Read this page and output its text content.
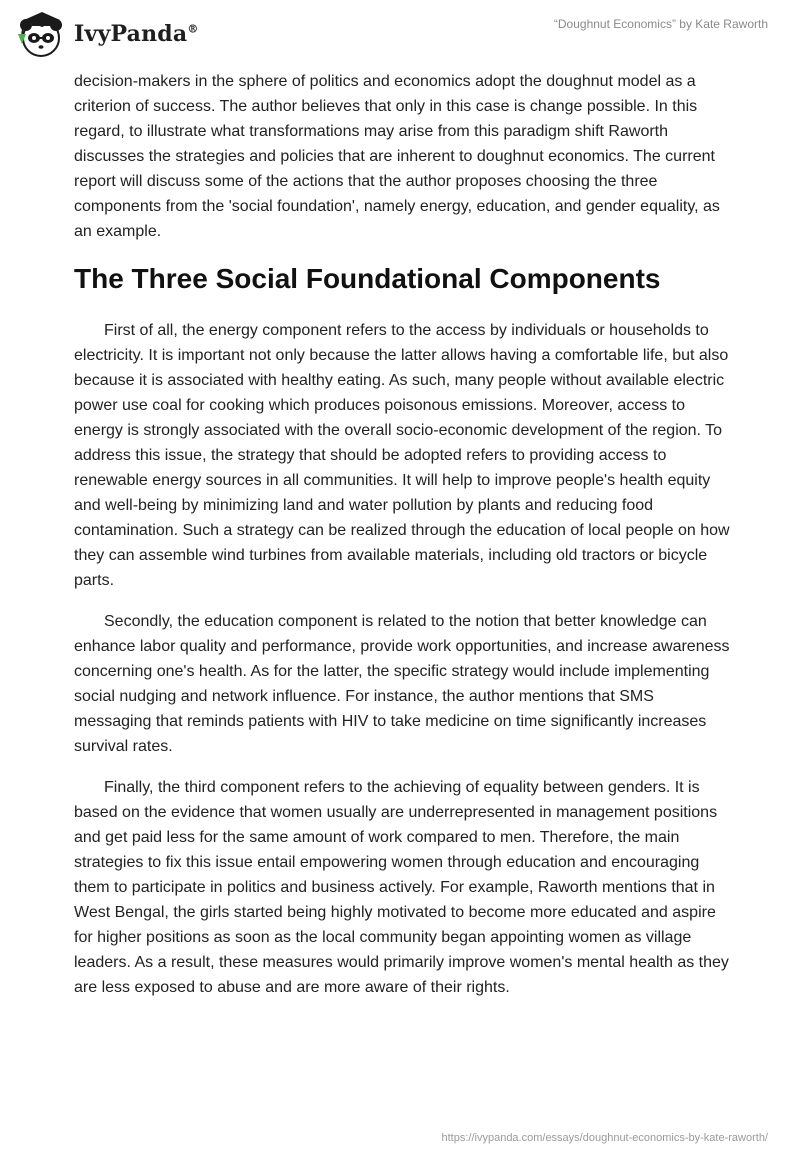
IvyPanda®	“Doughnut Economics” by Kate Raworth

decision-makers in the sphere of politics and economics adopt the doughnut model as a criterion of success. The author believes that only in this case is change possible. In this regard, to illustrate what transformations may arise from this paradigm shift Raworth discusses the strategies and policies that are inherent to doughnut economics. The current report will discuss some of the actions that the author proposes choosing the three components from the 'social foundation', namely energy, education, and gender equality, as an example.

The Three Social Foundational Components

First of all, the energy component refers to the access by individuals or households to electricity. It is important not only because the latter allows having a comfortable life, but also because it is associated with healthy eating. As such, many people without available electric power use coal for cooking which produces poisonous emissions. Moreover, access to energy is strongly associated with the overall socio-economic development of the region. To address this issue, the strategy that should be adopted refers to providing access to renewable energy sources in all communities. It will help to improve people's health equity and well-being by minimizing land and water pollution by plants and reducing food contamination. Such a strategy can be realized through the education of local people on how they can assemble wind turbines from available materials, including old tractors or bicycle parts.

Secondly, the education component is related to the notion that better knowledge can enhance labor quality and performance, provide work opportunities, and increase awareness concerning one's health. As for the latter, the specific strategy would include implementing social nudging and network influence. For instance, the author mentions that SMS messaging that reminds patients with HIV to take medicine on time significantly increases survival rates.

Finally, the third component refers to the achieving of equality between genders. It is based on the evidence that women usually are underrepresented in management positions and get paid less for the same amount of work compared to men. Therefore, the main strategies to fix this issue entail empowering women through education and encouraging them to participate in politics and business actively. For example, Raworth mentions that in West Bengal, the girls started being highly motivated to become more educated and aspire for higher positions as soon as the local community began appointing women as village leaders. As a result, these measures would primarily improve women's mental health as they are less exposed to abuse and are more aware of their rights.

https://ivypanda.com/essays/doughnut-economics-by-kate-raworth/
